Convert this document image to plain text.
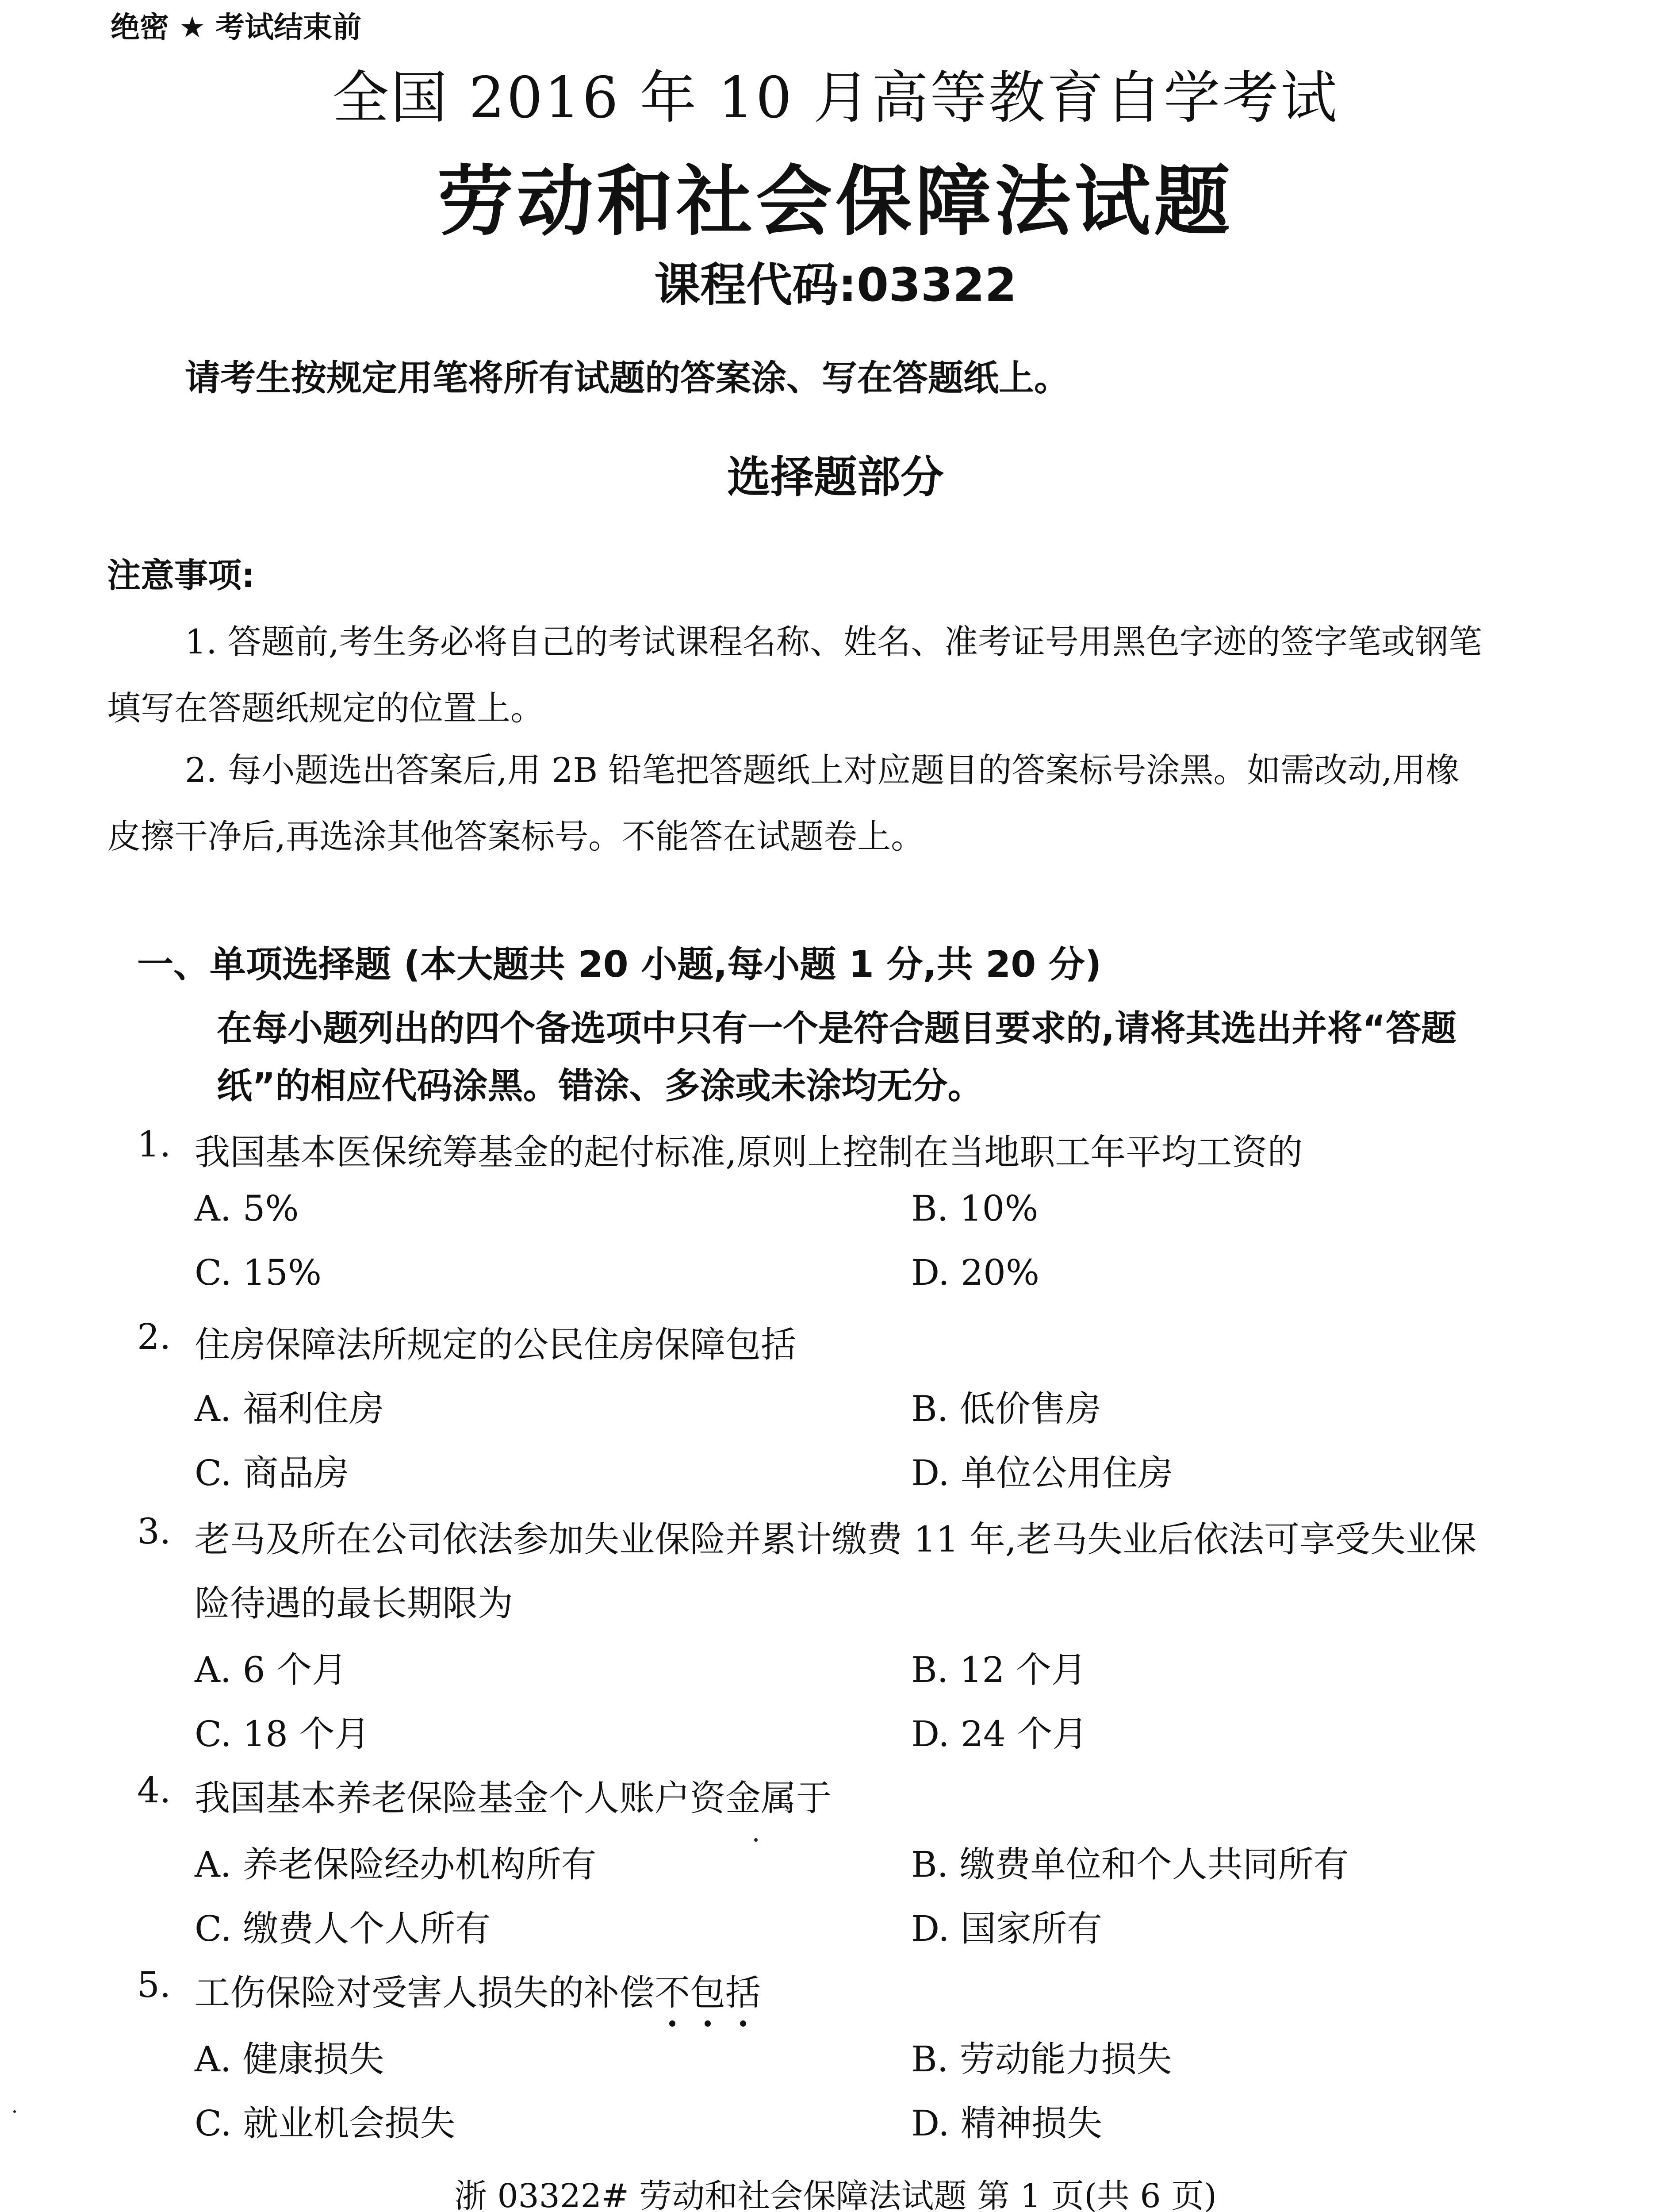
绝密 ★ 考试结束前
全国 2016 年 10 月高等教育自学考试
劳动和社会保障法试题
课程代码:03322
请考生按规定用笔将所有试题的答案涂、写在答题纸上。
选择题部分
注意事项:
1. 答题前,考生务必将自己的考试课程名称、姓名、准考证号用黑色字迹的签字笔或钢笔
填写在答题纸规定的位置上。
2. 每小题选出答案后,用 2B 铅笔把答题纸上对应题目的答案标号涂黑。如需改动,用橡
皮擦干净后,再选涂其他答案标号。不能答在试题卷上。
一、单项选择题 (本大题共 20 小题,每小题 1 分,共 20 分)
在每小题列出的四个备选项中只有一个是符合题目要求的,请将其选出并将“答题
纸”的相应代码涂黑。错涂、多涂或未涂均无分。
1. 我国基本医保统筹基金的起付标准,原则上控制在当地职工年平均工资的
A. 5%	B. 10%
C. 15%	D. 20%
2. 住房保障法所规定的公民住房保障包括
A. 福利住房	B. 低价售房
C. 商品房	D. 单位公用住房
3. 老马及所在公司依法参加失业保险并累计缴费 11 年,老马失业后依法可享受失业保
险待遇的最长期限为
A. 6 个月	B. 12 个月
C. 18 个月	D. 24 个月
4. 我国基本养老保险基金个人账户资金属于
A. 养老保险经办机构所有	B. 缴费单位和个人共同所有
C. 缴费人个人所有	D. 国家所有
5. 工伤保险对受害人损失的补偿不包括
A. 健康损失	B. 劳动能力损失
C. 就业机会损失	D. 精神损失
浙 03322# 劳动和社会保障法试题 第 1 页(共 6 页)
